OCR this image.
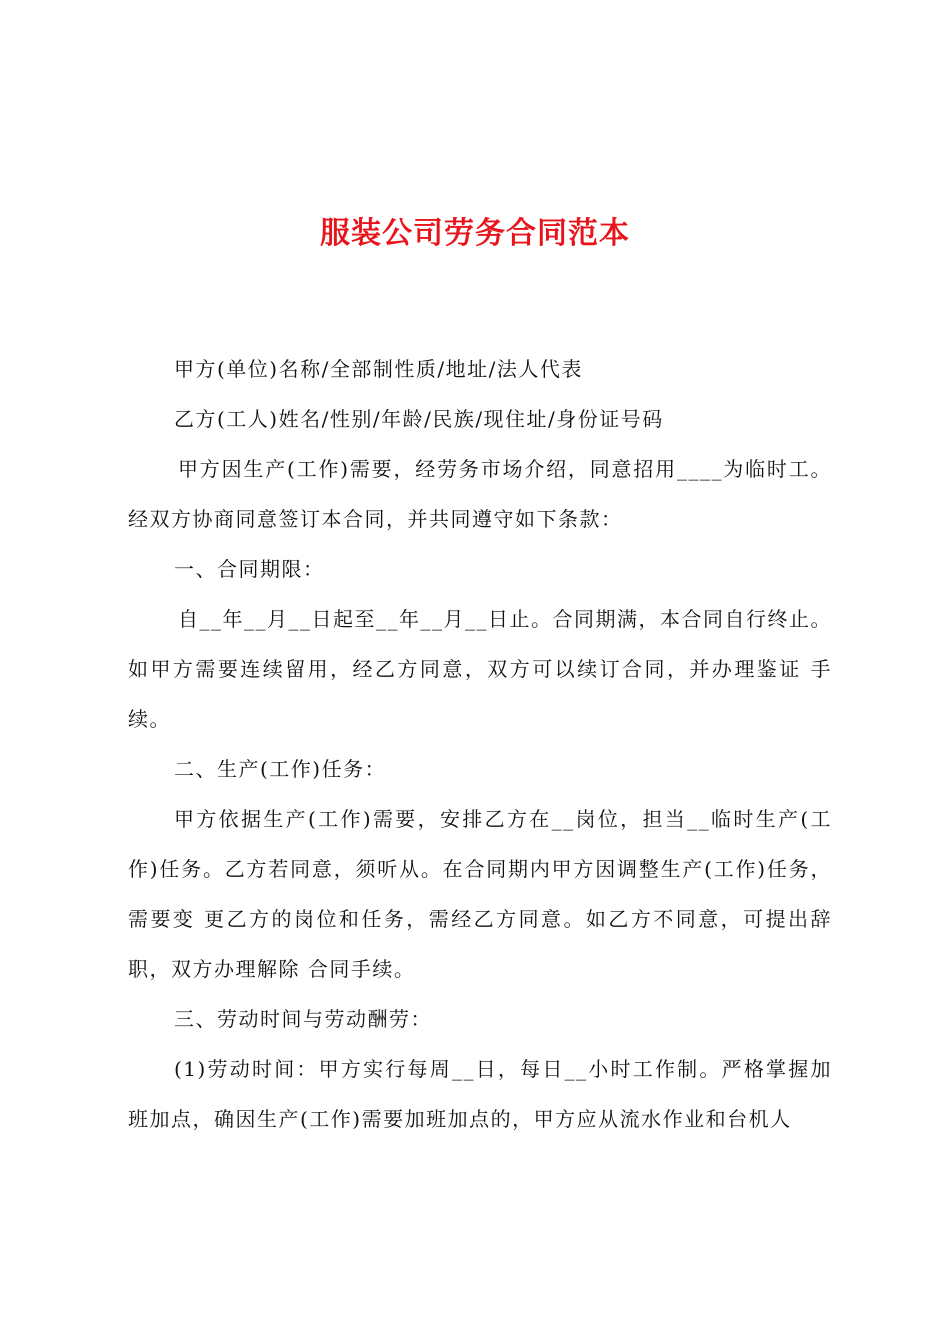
服装公司劳务合同范本

甲方(单位)名称/全部制性质/地址/法人代表

乙方(工人)姓名/性别/年龄/民族/现住址/身份证号码

甲方因生产(工作)需要，经劳务市场介绍，同意招用____为临时工。经双方协商同意签订本合同，并共同遵守如下条款：

一、合同期限：

自__年__月__日起至__年__月__日止。合同期满，本合同自行终止。如甲方需要连续留用，经乙方同意，双方可以续订合同，并办理鉴证 手续。

二、生产(工作)任务：

甲方依据生产(工作)需要，安排乙方在__岗位，担当__临时生产(工作)任务。乙方若同意，须听从。在合同期内甲方因调整生产(工作)任务，需要变 更乙方的岗位和任务，需经乙方同意。如乙方不同意，可提出辞职，双方办理解除 合同手续。

三、劳动时间与劳动酬劳：

(1)劳动时间：甲方实行每周__日，每日__小时工作制。严格掌握加班加点，确因生产(工作)需要加班加点的，甲方应从流水作业和台机人
